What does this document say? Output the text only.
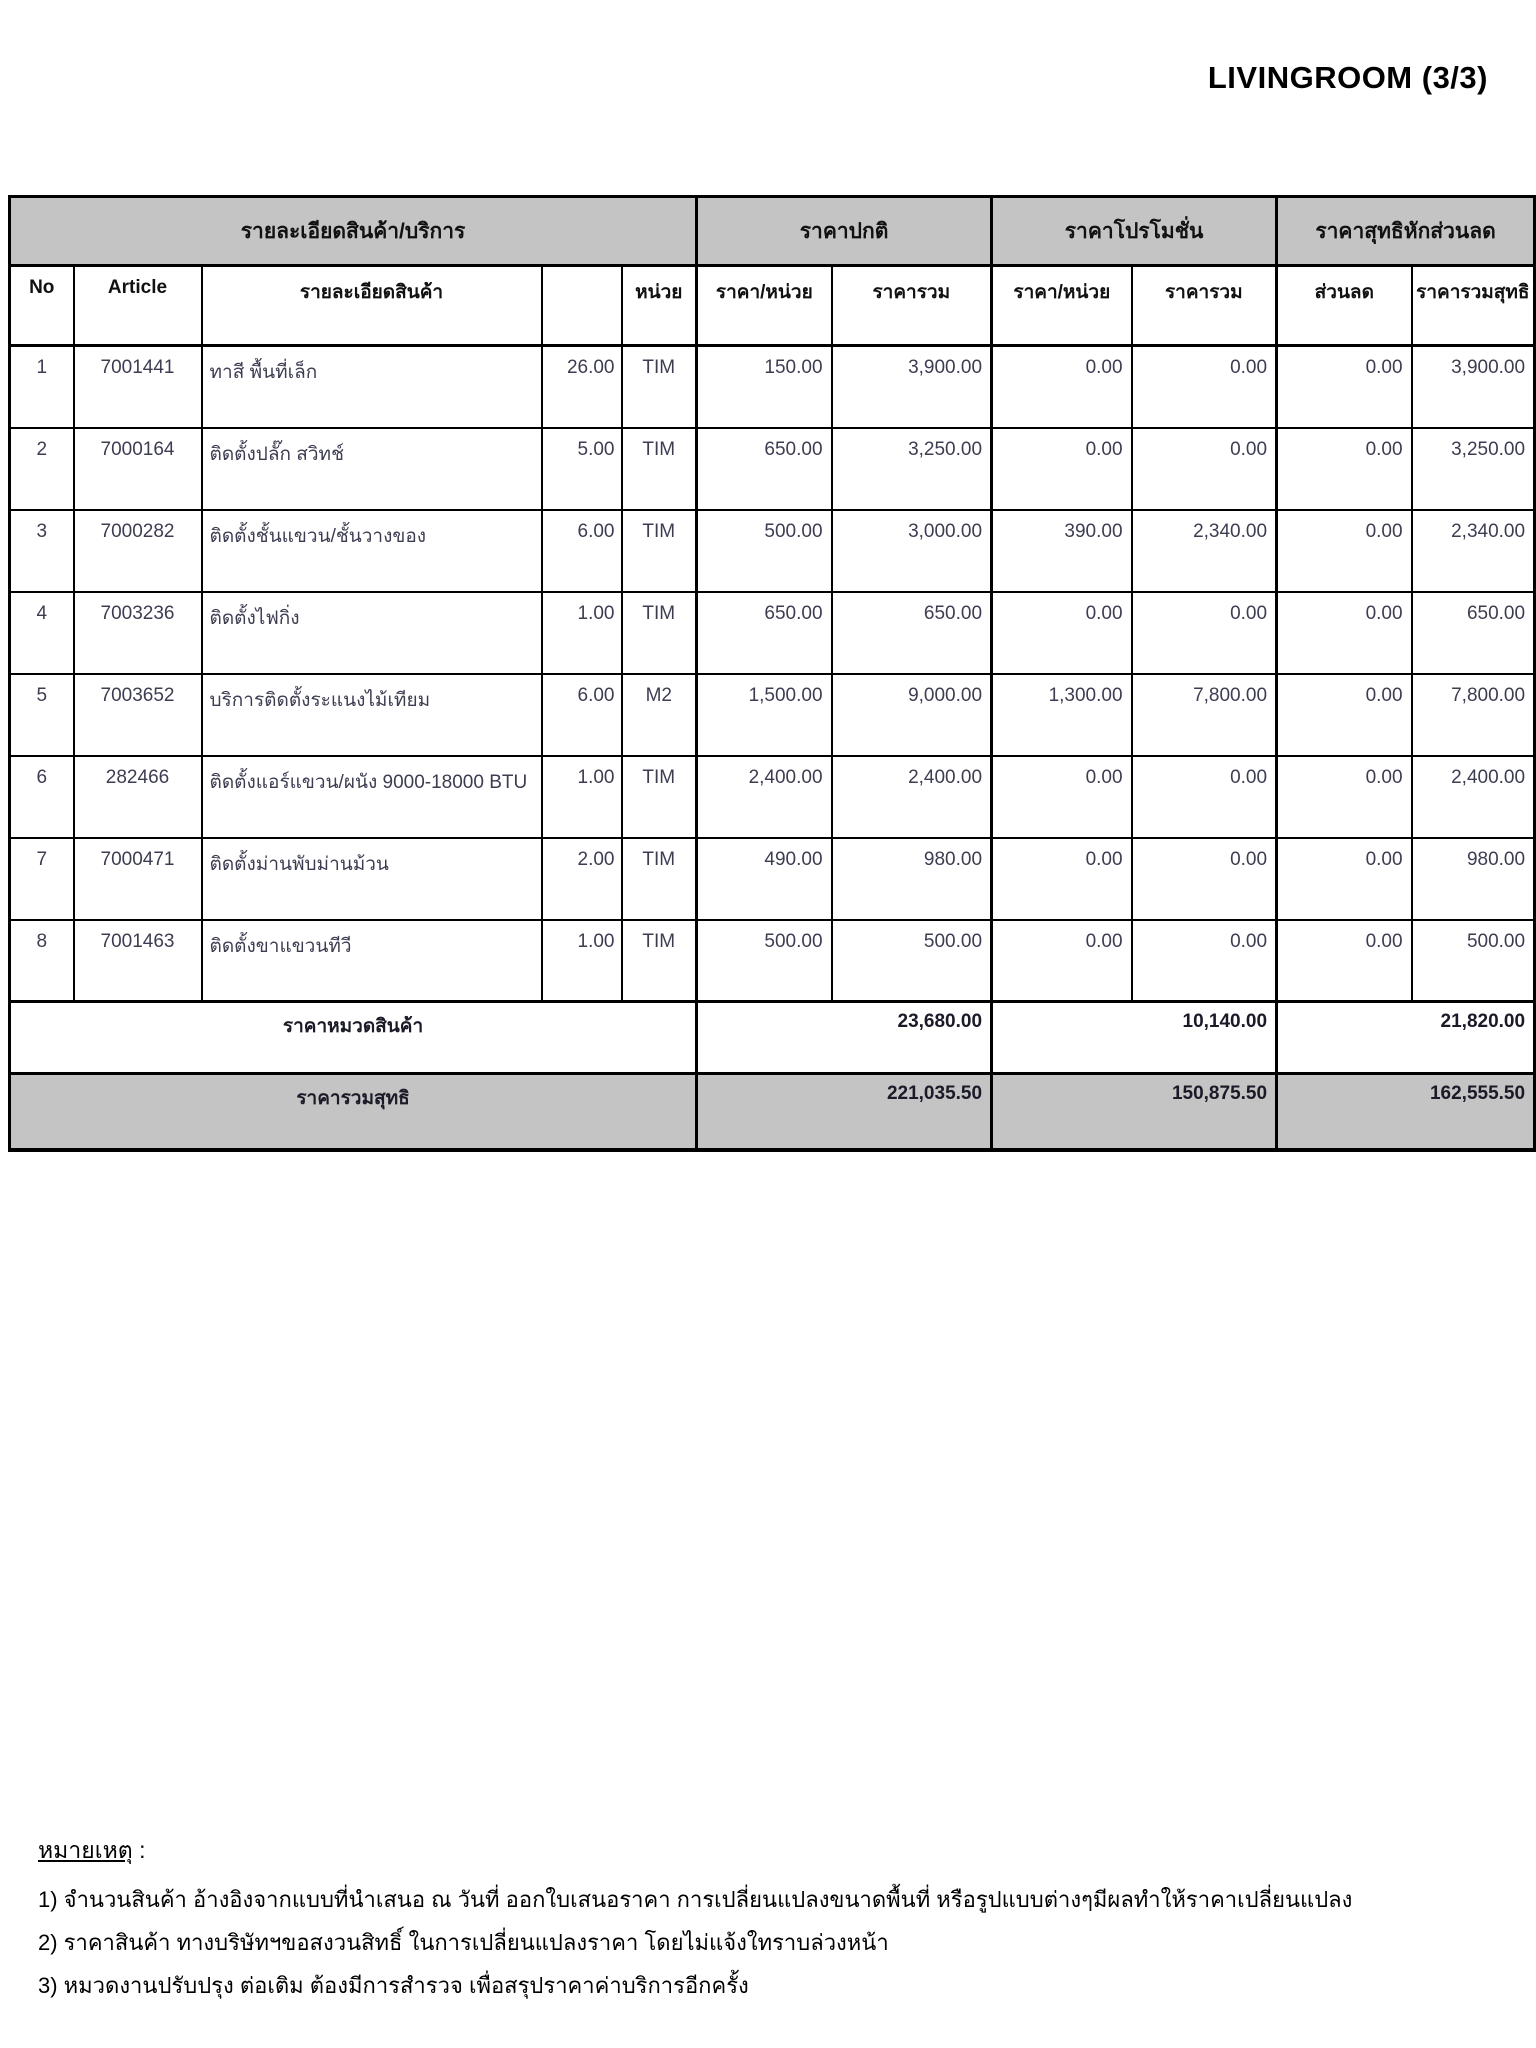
LIVINGROOM (3/3)
รายละเอียดสินค้า/บริการ					ราคาปกติ		ราคาโปรโมชั่น		ราคาสุทธิหักส่วนลด	
No	Article	รายละเอียดสินค้า		หน่วย	ราคา/หน่วย	ราคารวม	ราคา/หน่วย	ราคารวม	ส่วนลด	ราคารวมสุทธิ
1	7001441	ทาสี พื้นที่เล็ก	26.00	TIM	150.00	3,900.00	0.00	0.00	0.00	3,900.00
2	7000164	ติดตั้งปลั๊ก สวิทช์	5.00	TIM	650.00	3,250.00	0.00	0.00	0.00	3,250.00
3	7000282	ติดตั้งชั้นแขวน/ชั้นวางของ	6.00	TIM	500.00	3,000.00	390.00	2,340.00	0.00	2,340.00
4	7003236	ติดตั้งไฟกิ่ง	1.00	TIM	650.00	650.00	0.00	0.00	0.00	650.00
5	7003652	บริการติดตั้งระแนงไม้เทียม	6.00	M2	1,500.00	9,000.00	1,300.00	7,800.00	0.00	7,800.00
6	282466	ติดตั้งแอร์แขวน/ผนัง 9000-18000 BTU	1.00	TIM	2,400.00	2,400.00	0.00	0.00	0.00	2,400.00
7	7000471	ติดตั้งม่านพับม่านม้วน	2.00	TIM	490.00	980.00	0.00	0.00	0.00	980.00
8	7001463	ติดตั้งขาแขวนทีวี	1.00	TIM	500.00	500.00	0.00	0.00	0.00	500.00
ราคาหมวดสินค้า					23,680.00		10,140.00		21,820.00	
ราคารวมสุทธิ					221,035.50		150,875.50		162,555.50	
หมายเหตุ :
1) จำนวนสินค้า อ้างอิงจากแบบที่นำเสนอ ณ วันที่ ออกใบเสนอราคา การเปลี่ยนแปลงขนาดพื้นที่ หรือรูปแบบต่างๆมีผลทำให้ราคาเปลี่ยนแปลง
2) ราคาสินค้า ทางบริษัทฯขอสงวนสิทธิ์ ในการเปลี่ยนแปลงราคา โดยไม่แจ้งใทราบล่วงหน้า
3) หมวดงานปรับปรุง ต่อเติม ต้องมีการสำรวจ เพื่อสรุปราคาค่าบริการอีกครั้ง
